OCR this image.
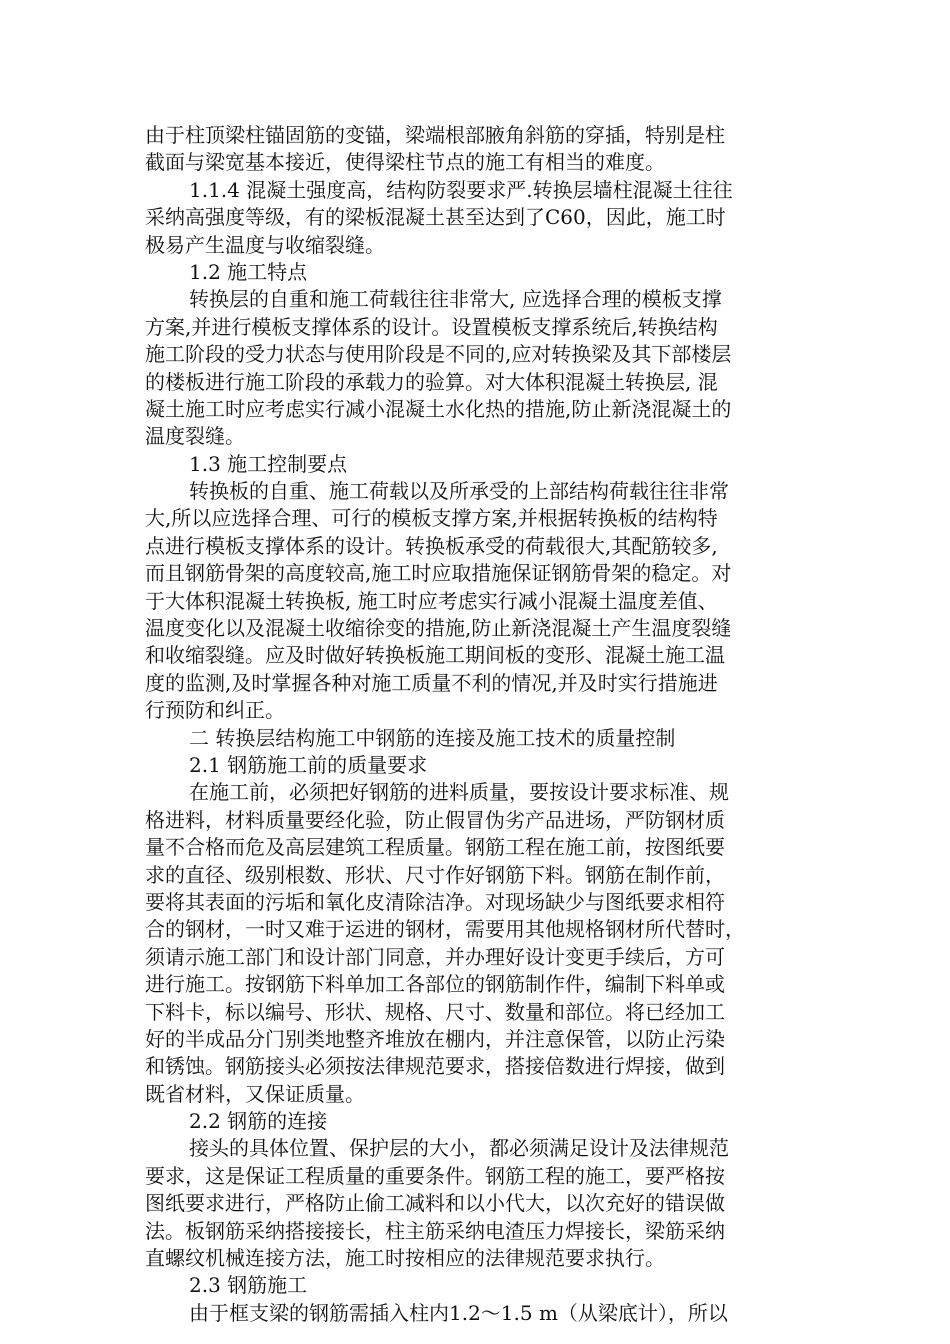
由于柱顶梁柱锚固筋的变锚，梁端根部腋角斜筋的穿插，特别是柱
截面与梁宽基本接近，使得梁柱节点的施工有相当的难度。
1.1.4 混凝土强度高，结构防裂要求严.转换层墙柱混凝土往往
采纳高强度等级，有的梁板混凝土甚至达到了C60，因此，施工时
极易产生温度与收缩裂缝。
1.2 施工特点
转换层的自重和施工荷载往往非常大, 应选择合理的模板支撑
方案,并进行模板支撑体系的设计。设置模板支撑系统后,转换结构
施工阶段的受力状态与使用阶段是不同的,应对转换梁及其下部楼层
的楼板进行施工阶段的承载力的验算。对大体积混凝土转换层, 混
凝土施工时应考虑实行减小混凝土水化热的措施,防止新浇混凝土的
温度裂缝。
1.3 施工控制要点
转换板的自重、施工荷载以及所承受的上部结构荷载往往非常
大,所以应选择合理、可行的模板支撑方案,并根据转换板的结构特
点进行模板支撑体系的设计。转换板承受的荷载很大,其配筋较多,
而且钢筋骨架的高度较高,施工时应取措施保证钢筋骨架的稳定。对
于大体积混凝土转换板, 施工时应考虑实行减小混凝土温度差值、
温度变化以及混凝土收缩徐变的措施,防止新浇混凝土产生温度裂缝
和收缩裂缝。应及时做好转换板施工期间板的变形、混凝土施工温
度的监测,及时掌握各种对施工质量不利的情况,并及时实行措施进
行预防和纠正。
二 转换层结构施工中钢筋的连接及施工技术的质量控制
2.1 钢筋施工前的质量要求
在施工前，必须把好钢筋的进料质量，要按设计要求标准、规
格进料，材料质量要经化验，防止假冒伪劣产品进场，严防钢材质
量不合格而危及高层建筑工程质量。钢筋工程在施工前，按图纸要
求的直径、级别根数、形状、尺寸作好钢筋下料。钢筋在制作前，
要将其表面的污垢和氧化皮清除洁净。对现场缺少与图纸要求相符
合的钢材，一时又难于运进的钢材，需要用其他规格钢材所代替时，
须请示施工部门和设计部门同意，并办理好设计变更手续后，方可
进行施工。按钢筋下料单加工各部位的钢筋制作件，编制下料单或
下料卡，标以编号、形状、规格、尺寸、数量和部位。将已经加工
好的半成品分门别类地整齐堆放在棚内，并注意保管，以防止污染
和锈蚀。钢筋接头必须按法律规范要求，搭接倍数进行焊接，做到
既省材料，又保证质量。
2.2 钢筋的连接
接头的具体位置、保护层的大小，都必须满足设计及法律规范
要求，这是保证工程质量的重要条件。钢筋工程的施工，要严格按
图纸要求进行，严格防止偷工减料和以小代大，以次充好的错误做
法。板钢筋采纳搭接接长，柱主筋采纳电渣压力焊接长，梁筋采纳
直螺纹机械连接方法，施工时按相应的法律规范要求执行。
2.3 钢筋施工
由于框支梁的钢筋需插入柱内1.2～1.5 m（从梁底计），所以
